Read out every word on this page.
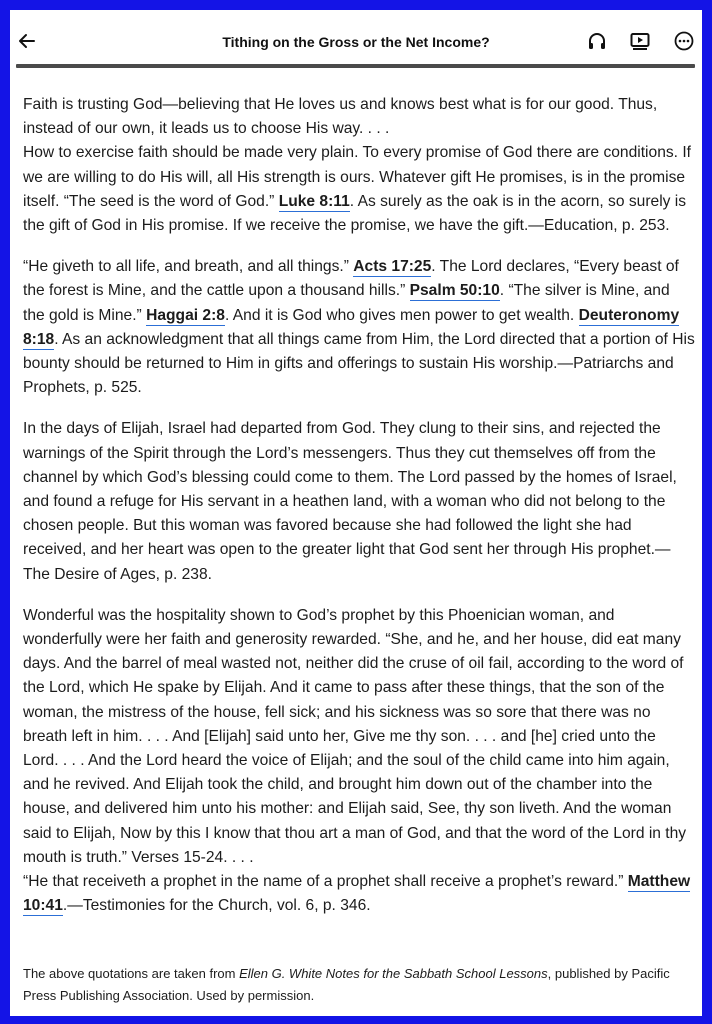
Tithing on the Gross or the Net Income?

Faith is trusting God—believing that He loves us and knows best what is for our good. Thus, instead of our own, it leads us to choose His way. . . .

How to exercise faith should be made very plain. To every promise of God there are conditions. If we are willing to do His will, all His strength is ours. Whatever gift He promises, is in the promise itself. “The seed is the word of God.” Luke 8:11. As surely as the oak is in the acorn, so surely is the gift of God in His promise. If we receive the promise, we have the gift.—Education, p. 253.

“He giveth to all life, and breath, and all things.” Acts 17:25. The Lord declares, “Every beast of the forest is Mine, and the cattle upon a thousand hills.” Psalm 50:10. “The silver is Mine, and the gold is Mine.” Haggai 2:8. And it is God who gives men power to get wealth. Deuteronomy 8:18. As an acknowledgment that all things came from Him, the Lord directed that a portion of His bounty should be returned to Him in gifts and offerings to sustain His worship.—Patriarchs and Prophets, p. 525.

In the days of Elijah, Israel had departed from God. They clung to their sins, and rejected the warnings of the Spirit through the Lord’s messengers. Thus they cut themselves off from the channel by which God’s blessing could come to them. The Lord passed by the homes of Israel, and found a refuge for His servant in a heathen land, with a woman who did not belong to the chosen people. But this woman was favored because she had followed the light she had received, and her heart was open to the greater light that God sent her through His prophet.—The Desire of Ages, p. 238.

Wonderful was the hospitality shown to God’s prophet by this Phoenician woman, and wonderfully were her faith and generosity rewarded. “She, and he, and her house, did eat many days. And the barrel of meal wasted not, neither did the cruse of oil fail, according to the word of the Lord, which He spake by Elijah. And it came to pass after these things, that the son of the woman, the mistress of the house, fell sick; and his sickness was so sore that there was no breath left in him. . . . And [Elijah] said unto her, Give me thy son. . . . and [he] cried unto the Lord. . . . And the Lord heard the voice of Elijah; and the soul of the child came into him again, and he revived. And Elijah took the child, and brought him down out of the chamber into the house, and delivered him unto his mother: and Elijah said, See, thy son liveth. And the woman said to Elijah, Now by this I know that thou art a man of God, and that the word of the Lord in thy mouth is truth.” Verses 15-24. . . .

“He that receiveth a prophet in the name of a prophet shall receive a prophet’s reward.” Matthew 10:41.—Testimonies for the Church, vol. 6, p. 346.

The above quotations are taken from Ellen G. White Notes for the Sabbath School Lessons, published by Pacific Press Publishing Association. Used by permission.
